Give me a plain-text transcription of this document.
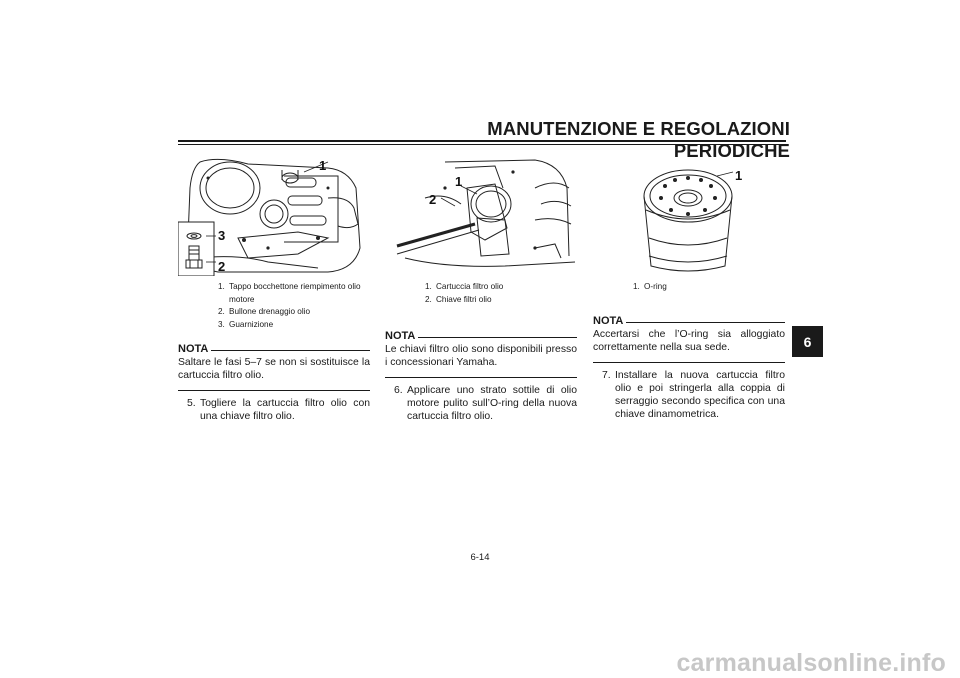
MANUTENZIONE E REGOLAZIONI PERIODICHE
6
1
3
2
1. Tappo bocchettone riempimento olio motore
2. Bullone drenaggio olio
3. Guarnizione
NOTA
Saltare le fasi 5–7 se non si sostituisce la cartuccia filtro olio.
5. Togliere la cartuccia filtro olio con una chiave filtro olio.
2
1
1. Cartuccia filtro olio
2. Chiave filtri olio
NOTA
Le chiavi filtro olio sono disponibili presso i concessionari Yamaha.
6. Applicare uno strato sottile di olio motore pulito sull’O-ring della nuova cartuccia filtro olio.
1
1. O-ring
NOTA
Accertarsi che l’O-ring sia alloggiato correttamente nella sua sede.
7. Installare la nuova cartuccia filtro olio e poi stringerla alla coppia di serraggio secondo specifica con una chiave dinamometrica.
6-14
carmanualsonline.info
